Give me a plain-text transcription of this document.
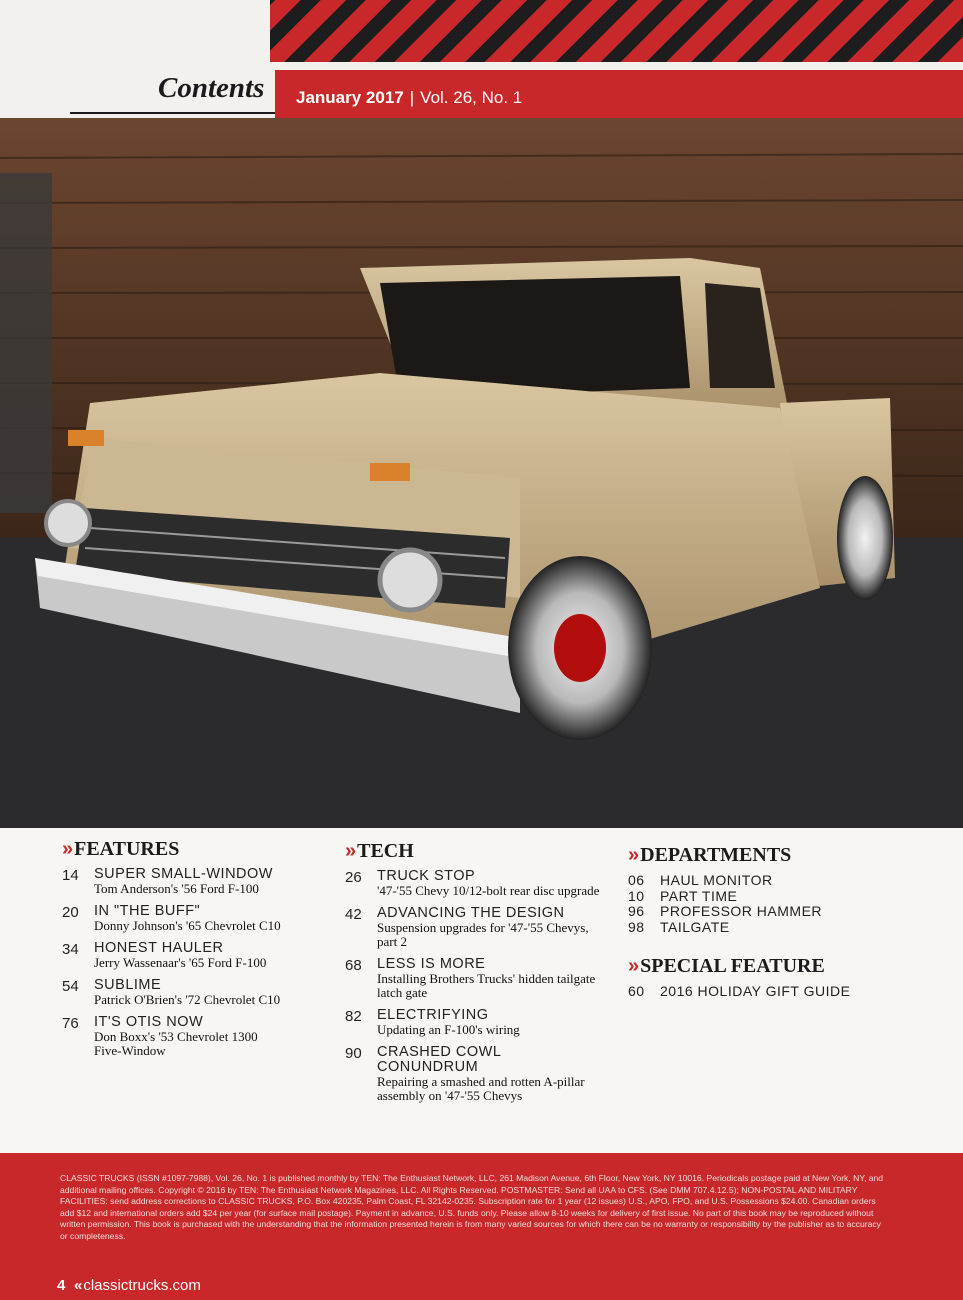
Contents January 2017 | Vol. 26, No. 1
» FEATURES
14	SUPER SMALL-WINDOW
Tom Anderson's '56 Ford F-100
20	IN "THE BUFF"
Donny Johnson's '65 Chevrolet C10
34	HONEST HAULER
Jerry Wassenaar's '65 Ford F-100
54	SUBLIME
Patrick O'Brien's '72 Chevrolet C10
76	IT'S OTIS NOW
Don Boxx's '53 Chevrolet 1300 Five-Window
» TECH
26	TRUCK STOP
'47-'55 Chevy 10/12-bolt rear disc upgrade
42	ADVANCING THE DESIGN
Suspension upgrades for '47-'55 Chevys, part 2
68	LESS IS MORE
Installing Brothers Trucks' hidden tailgate latch gate
82	ELECTRIFYING
Updating an F-100's wiring
90	CRASHED COWL CONUNDRUM
Repairing a smashed and rotten A-pillar assembly on '47-'55 Chevys
» DEPARTMENTS
06	HAUL MONITOR
10	PART TIME
96	PROFESSOR HAMMER
98	TAILGATE
» SPECIAL FEATURE
60	2016 HOLIDAY GIFT GUIDE
CLASSIC TRUCKS (ISSN #1097-7988), Vol. 26, No. 1 is published monthly by TEN: The Enthusiast Network, LLC, 261 Madison Avenue, 6th Floor, New York, NY 10016. Periodicals postage paid at New York, NY, and additional mailing offices. Copyright © 2016 by TEN: The Enthusiast Network Magazines, LLC. All Rights Reserved. POSTMASTER: Send all UAA to CFS. (See DMM 707.4.12.5); NON-POSTAL AND MILITARY FACILITIES: send address corrections to CLASSIC TRUCKS, P.O. Box 420235, Palm Coast, FL 32142-0235. Subscription rate for 1 year (12 issues) U.S., APO, FPO, and U.S. Possessions $24.00. Canadian orders add $12 and international orders add $24 per year (for surface mail postage). Payment in advance, U.S. funds only. Please allow 8-10 weeks for delivery of first issue. No part of this book may be reproduced without written permission. This book is purchased with the understanding that the information presented herein is from many varied sources for which there can be no warranty or responsibility by the publisher as to accuracy or completeness.
4 « classictrucks.com
